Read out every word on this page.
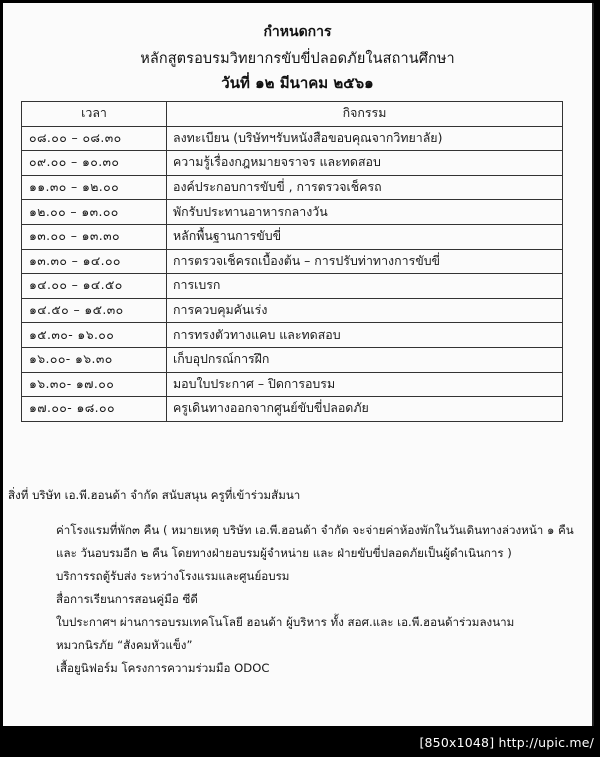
กำหนดการ
หลักสูตรอบรมวิทยากรขับขี่ปลอดภัยในสถานศึกษา
วันที่ ๑๒ มีนาคม ๒๕๖๑
เวลา	กิจกรรม
๐๘.๐๐ – ๐๘.๓๐	ลงทะเบียน (บริษัทฯรับหนังสือขอบคุณจากวิทยาลัย)
๐๙.๐๐ – ๑๐.๓๐	ความรู้เรื่องกฎหมายจราจร และทดสอบ
๑๑.๓๐ – ๑๒.๐๐	องค์ประกอบการขับขี่ , การตรวจเช็ครถ
๑๒.๐๐ – ๑๓.๐๐	พักรับประทานอาหารกลางวัน
๑๓.๐๐ – ๑๓.๓๐	หลักพื้นฐานการขับขี่
๑๓.๓๐ – ๑๔.๐๐	การตรวจเช็ครถเบื้องต้น – การปรับท่าทางการขับขี่
๑๔.๐๐ – ๑๔.๕๐	การเบรก
๑๔.๕๐ – ๑๕.๓๐	การควบคุมคันเร่ง
๑๕.๓๐- ๑๖.๐๐	การทรงตัวทางแคบ และทดสอบ
๑๖.๐๐- ๑๖.๓๐	เก็บอุปกรณ์การฝึก
๑๖.๓๐- ๑๗.๐๐	มอบใบประกาศ – ปิดการอบรม
๑๗.๐๐- ๑๘.๐๐	ครูเดินทางออกจากศูนย์ขับขี่ปลอดภัย

สิ่งที่ บริษัท เอ.พี.ฮอนด้า จำกัด สนับสนุน ครูที่เข้าร่วมสัมนา

ค่าโรงแรมที่พัก๓ คืน ( หมายเหตุ บริษัท เอ.พี.ฮอนด้า จำกัด จะจ่ายค่าห้องพักในวันเดินทางล่วงหน้า ๑ คืน
และ วันอบรมอีก ๒ คืน โดยทางฝ่ายอบรมผู้จำหน่าย และ ฝ่ายขับขี่ปลอดภัยเป็นผู้ดำเนินการ )
บริการรถตู้รับส่ง ระหว่างโรงแรมและศูนย์อบรม
สื่อการเรียนการสอนคู่มือ ซีดี
ใบประกาศฯ ผ่านการอบรมเทคโนโลยี ฮอนด้า ผู้บริหาร ทั้ง สอศ.และ เอ.พี.ฮอนด้าร่วมลงนาม
หมวกนิรภัย “สังคมหัวแข็ง”
เสื้อยูนิฟอร์ม โครงการความร่วมมือ ODOC
[850x1048] http://upic.me/
